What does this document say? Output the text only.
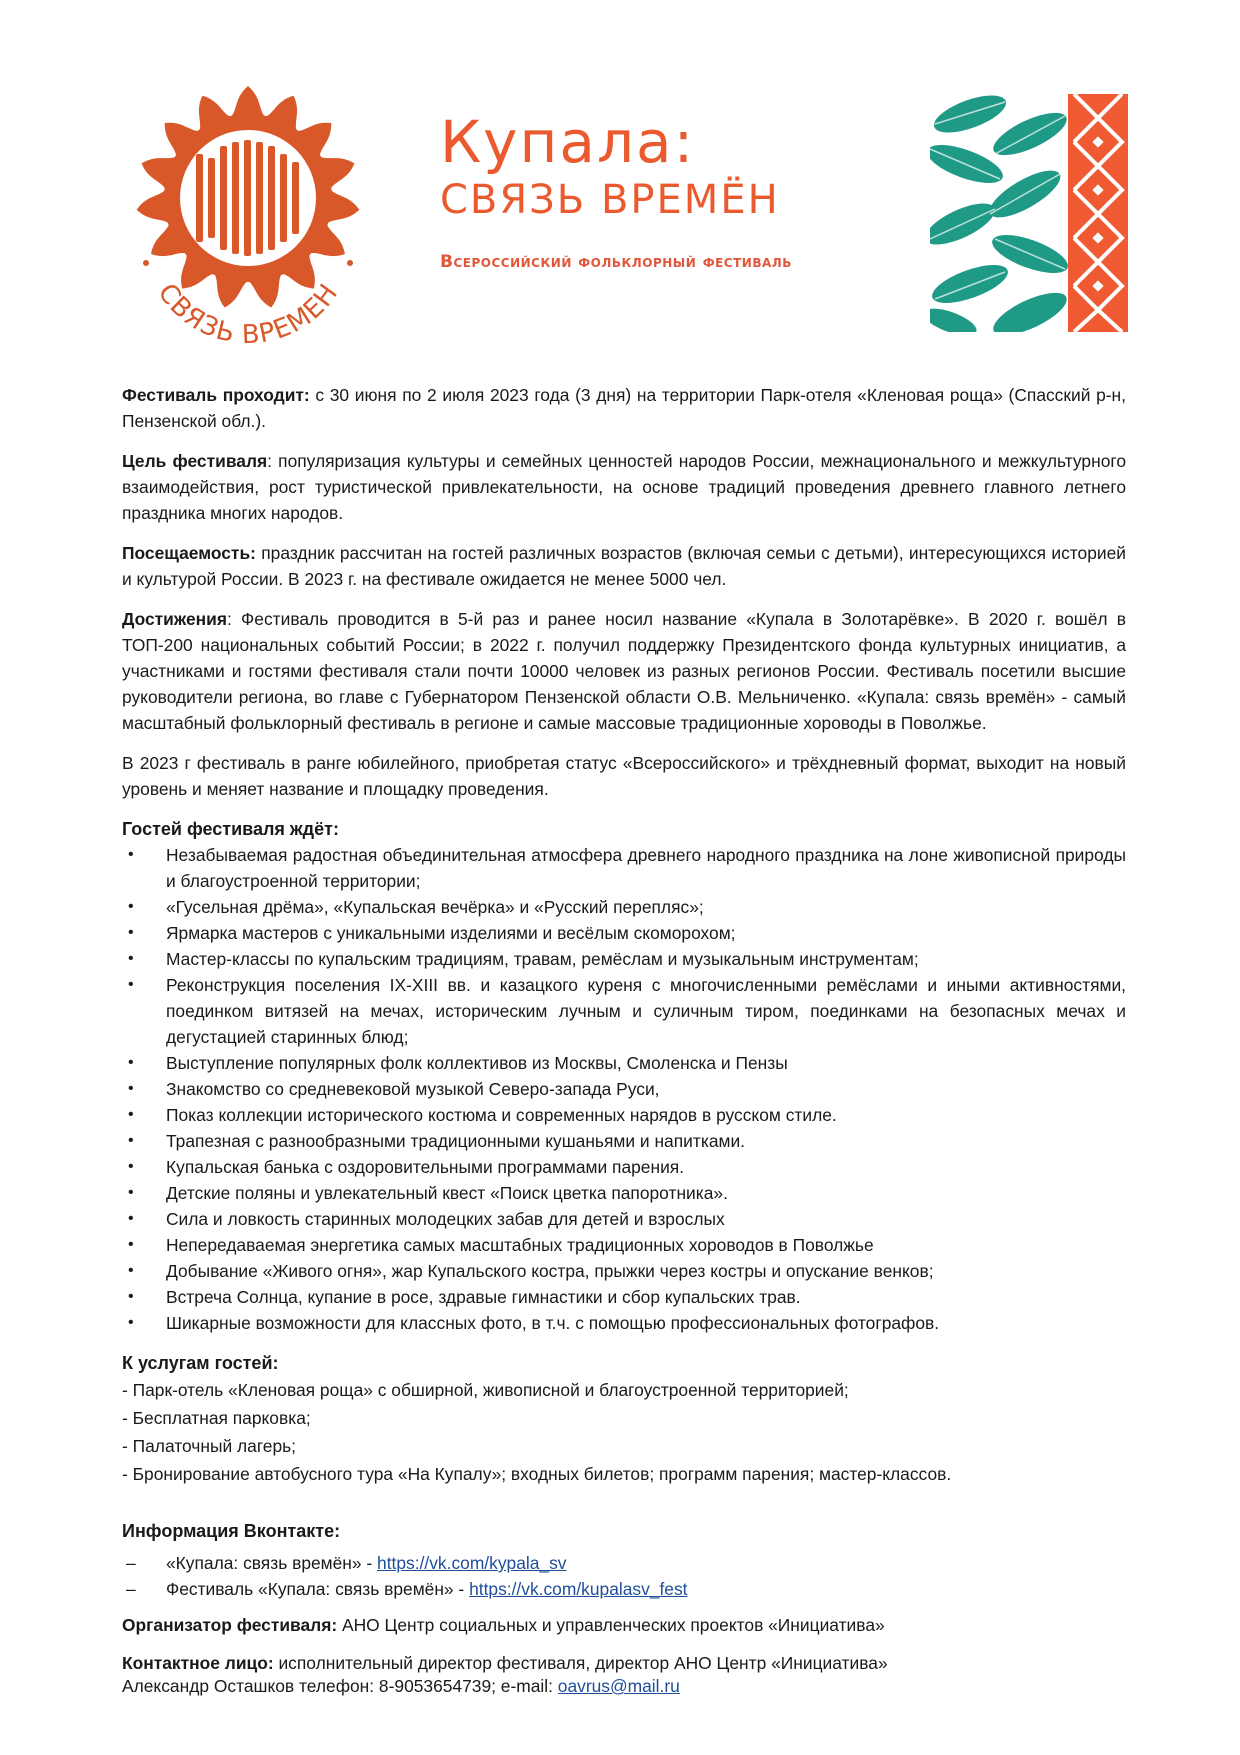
СВЯЗЬ ВРЕМЕН
Купала:
СВЯЗЬ ВРЕМЁН
Всероссийский фольклорный фестиваль

Фестиваль проходит: с 30 июня по 2 июля 2023 года (3 дня) на территории Парк-отеля «Кленовая роща» (Спасский р-н, Пензенской обл.).

Цель фестиваля: популяризация культуры и семейных ценностей народов России, межнационального и межкультурного взаимодействия, рост туристической привлекательности, на основе традиций проведения древнего главного летнего праздника многих народов.

Посещаемость: праздник рассчитан на гостей различных возрастов (включая семьи с детьми), интересующихся историей и культурой России. В 2023 г. на фестивале ожидается не менее 5000 чел.

Достижения: Фестиваль проводится в 5-й раз и ранее носил название «Купала в Золотарёвке». В 2020 г. вошёл в ТОП-200 национальных событий России; в 2022 г. получил поддержку Президентского фонда культурных инициатив, а участниками и гостями фестиваля стали почти 10000 человек из разных регионов России. Фестиваль посетили высшие руководители региона, во главе с Губернатором Пензенской области О.В. Мельниченко. «Купала: связь времён» - самый масштабный фольклорный фестиваль в регионе и самые массовые традиционные хороводы в Поволжье.

В 2023 г фестиваль в ранге юбилейного, приобретая статус «Всероссийского» и трёхдневный формат, выходит на новый уровень и меняет название и площадку проведения.

Гостей фестиваля ждёт:
• Незабываемая радостная объединительная атмосфера древнего народного праздника на лоне живописной природы и благоустроенной территории;
• «Гусельная дрёма», «Купальская вечёрка» и «Русский перепляс»;
• Ярмарка мастеров с уникальными изделиями и весёлым скоморохом;
• Мастер-классы по купальским традициям, травам, ремёслам и музыкальным инструментам;
• Реконструкция поселения IX-XIII вв. и казацкого куреня с многочисленными ремёслами и иными активностями, поединком витязей на мечах, историческим лучным и суличным тиром, поединками на безопасных мечах и дегустацией старинных блюд;
• Выступление популярных фолк коллективов из Москвы, Смоленска и Пензы
• Знакомство со средневековой музыкой Северо-запада Руси,
• Показ коллекции исторического костюма и современных нарядов в русском стиле.
• Трапезная с разнообразными традиционными кушаньями и напитками.
• Купальская банька с оздоровительными программами парения.
• Детские поляны и увлекательный квест «Поиск цветка папоротника».
• Сила и ловкость старинных молодецких забав для детей и взрослых
• Непередаваемая энергетика самых масштабных традиционных хороводов в Поволжье
• Добывание «Живого огня», жар Купальского костра, прыжки через костры и опускание венков;
• Встреча Солнца, купание в росе, здравые гимнастики и сбор купальских трав.
• Шикарные возможности для классных фото, в т.ч. с помощью профессиональных фотографов.
К услугам гостей:
- Парк-отель «Кленовая роща» с обширной, живописной и благоустроенной территорией;
- Бесплатная парковка;
- Палаточный лагерь;
- Бронирование автобусного тура «На Купалу»; входных билетов; программ парения; мастер-классов.
Информация Вконтакте:
– «Купала: связь времён» - https://vk.com/kypala_sv
– Фестиваль «Купала: связь времён» - https://vk.com/kupalasv_fest

Организатор фестиваля: АНО Центр социальных и управленческих проектов «Инициатива»

Контактное лицо: исполнительный директор фестиваля, директор АНО Центр «Инициатива»
Александр Осташков телефон: 8-9053654739; e-mail: oavrus@mail.ru
